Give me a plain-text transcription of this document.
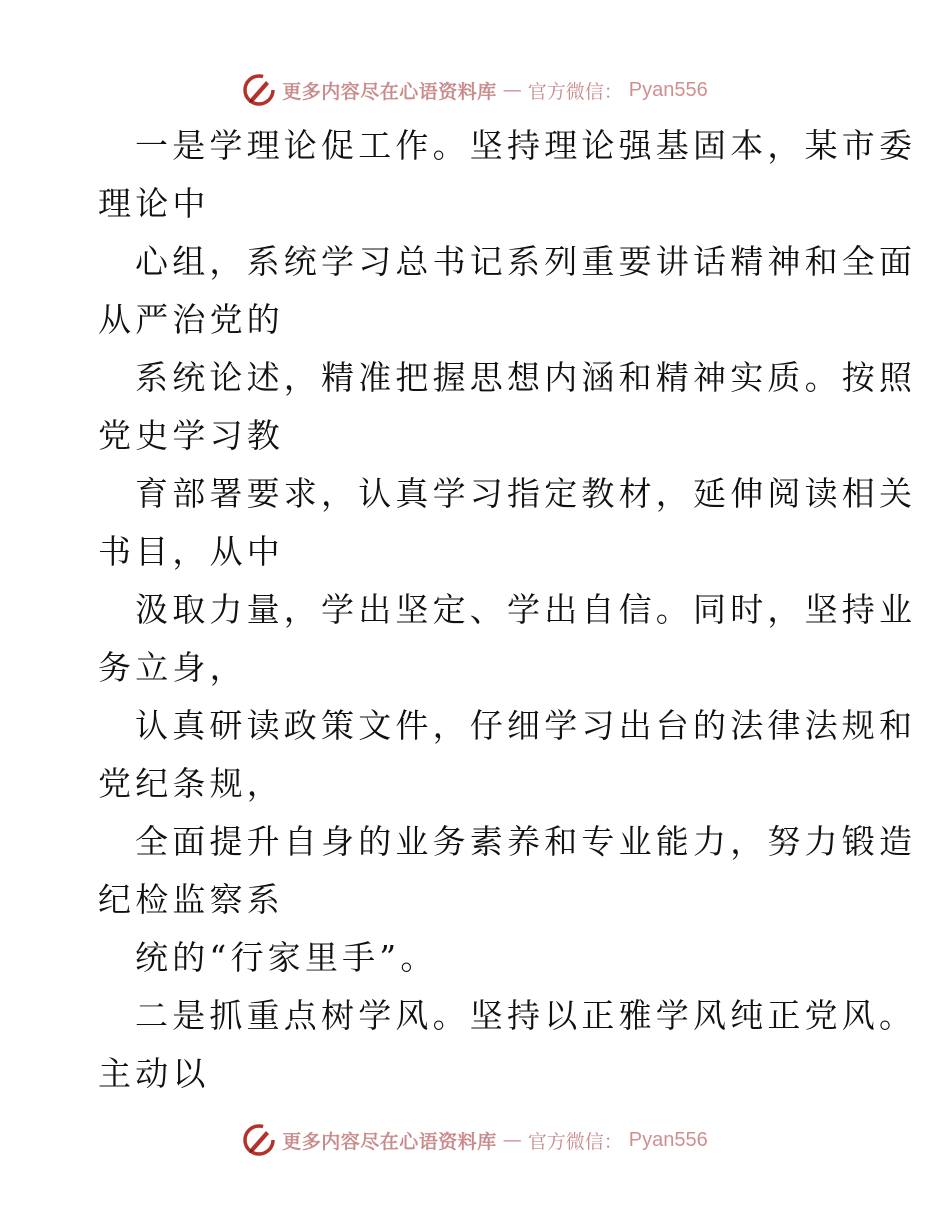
更多内容尽在心语资料库 — 官方微信： Pyan556
一是学理论促工作。坚持理论强基固本，某市委
理论中
心组，系统学习总书记系列重要讲话精神和全面
从严治党的
系统论述，精准把握思想内涵和精神实质。按照
党史学习教
育部署要求，认真学习指定教材，延伸阅读相关
书目，从中
汲取力量，学出坚定、学出自信。同时，坚持业
务立身，
认真研读政策文件，仔细学习出台的法律法规和
党纪条规，
全面提升自身的业务素养和专业能力，努力锻造
纪检监察系
统的“行家里手”。
二是抓重点树学风。坚持以正雅学风纯正党风。
主动以
更多内容尽在心语资料库 — 官方微信： Pyan556
